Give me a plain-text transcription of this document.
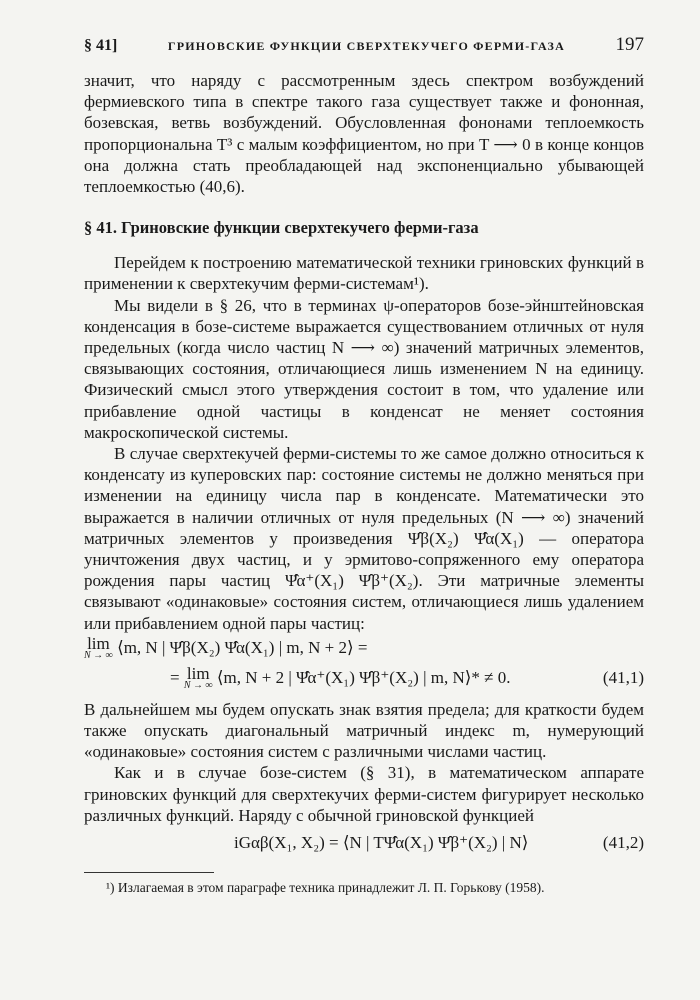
§ 41]	ГРИНОВСКИЕ ФУНКЦИИ СВЕРХТЕКУЧЕГО ФЕРМИ-ГАЗА	197

значит, что наряду с рассмотренным здесь спектром возбуждений фермиевского типа в спектре такого газа существует также и фононная, бозевская, ветвь возбуждений. Обусловленная фононами теплоемкость пропорциональна T³ с малым коэффициентом, но при T ⟶ 0 в конце концов она должна стать преобладающей над экспоненциально убывающей теплоемкостью (40,6).

§ 41. Гриновские функции сверхтекучего ферми-газа

Перейдем к построению математической техники гриновских функций в применении к сверхтекучим ферми-системам¹).

Мы видели в § 26, что в терминах ψ-операторов бозе-эйнштейновская конденсация в бозе-системе выражается существованием отличных от нуля предельных (когда число частиц N ⟶ ∞) значений матричных элементов, связывающих состояния, отличающиеся лишь изменением N на единицу. Физический смысл этого утверждения состоит в том, что удаление или прибавление одной частицы в конденсат не меняет состояния макроскопической системы.

В случае сверхтекучей ферми-системы то же самое должно относиться к конденсату из куперовских пар: состояние системы не должно меняться при изменении на единицу числа пар в конденсате. Математически это выражается в наличии отличных от нуля предельных (N ⟶ ∞) значений матричных элементов у произведения Ψ̂β(X₂) Ψ̂α(X₁) — оператора уничтожения двух частиц, и у эрмитово-сопряженного ему оператора рождения пары частиц Ψ̂α⁺(X₁) Ψ̂β⁺(X₂). Эти матричные элементы связывают «одинаковые» состояния систем, отличающиеся лишь удалением или прибавлением одной пары частиц:

lim
N → ∞ ⟨m, N | Ψ̂β(X₂) Ψ̂α(X₁) | m, N + 2⟩ =
= lim
N → ∞ ⟨m, N + 2 | Ψ̂α⁺(X₁) Ψ̂β⁺(X₂) | m, N⟩* ≠ 0.	(41,1)

В дальнейшем мы будем опускать знак взятия предела; для краткости будем также опускать диагональный матричный индекс m, нумерующий «одинаковые» состояния систем с различными числами частиц.

Как и в случае бозе-систем (§ 31), в математическом аппарате гриновских функций для сверхтекучих ферми-систем фигурирует несколько различных функций. Наряду с обычной гриновской функцией

iGαβ(X₁, X₂) = ⟨N | TΨ̂α(X₁) Ψ̂β⁺(X₂) | N⟩	(41,2)

¹) Излагаемая в этом параграфе техника принадлежит Л. П. Горькову (1958).
